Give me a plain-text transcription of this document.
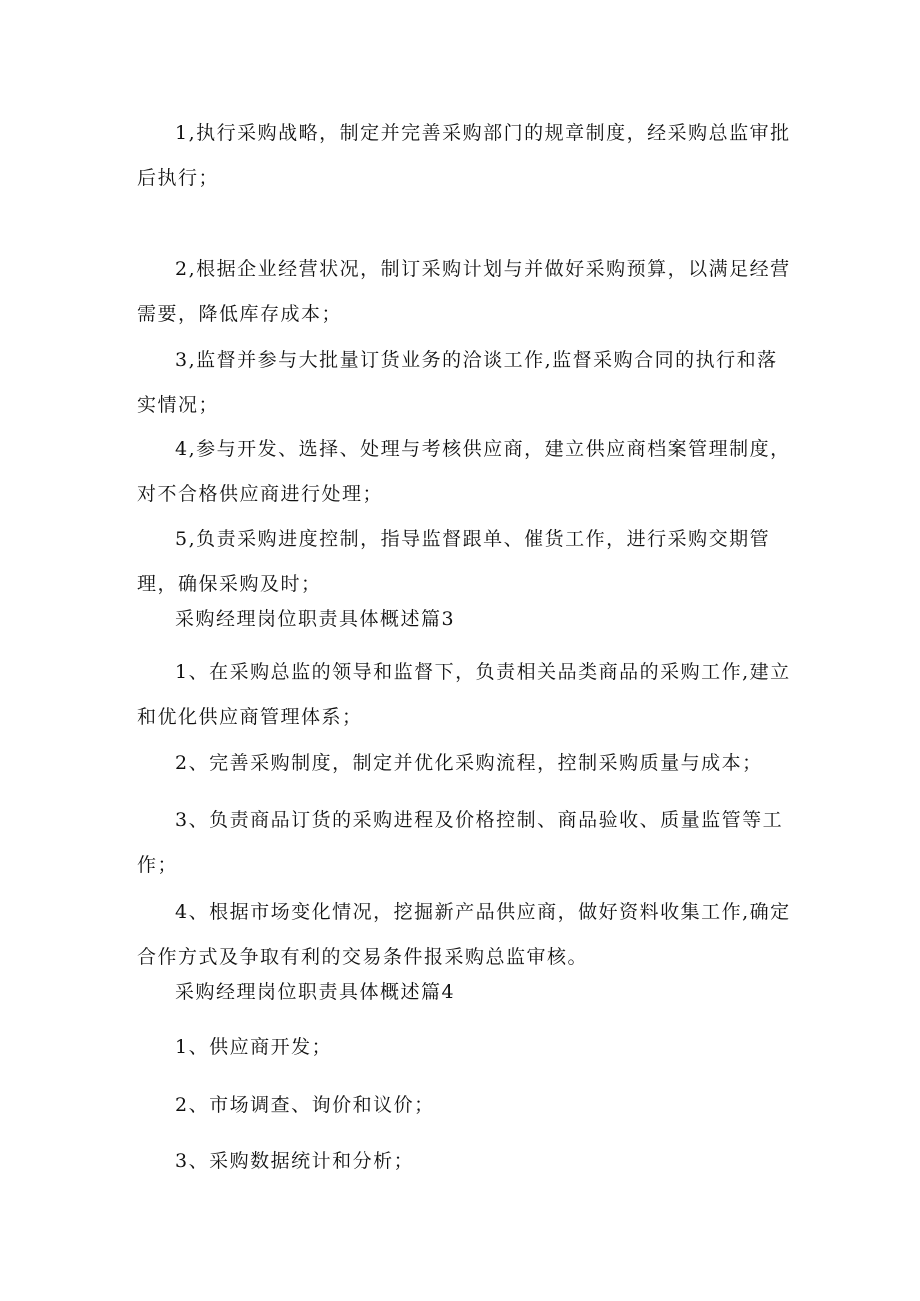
1,执行采购战略，制定并完善采购部门的规章制度，经采购总监审批后执行；

2,根据企业经营状况，制订采购计划与并做好采购预算，以满足经营需要，降低库存成本；

3,监督并参与大批量订货业务的洽谈工作,监督采购合同的执行和落实情况；

4,参与开发、选择、处理与考核供应商，建立供应商档案管理制度，对不合格供应商进行处理；

5,负责采购进度控制，指导监督跟单、催货工作，进行采购交期管理，确保采购及时；

采购经理岗位职责具体概述篇3

1、在采购总监的领导和监督下，负责相关品类商品的采购工作,建立和优化供应商管理体系；

2、完善采购制度，制定并优化采购流程，控制采购质量与成本；

3、负责商品订货的采购进程及价格控制、商品验收、质量监管等工作；

4、根据市场变化情况，挖掘新产品供应商，做好资料收集工作,确定合作方式及争取有利的交易条件报采购总监审核。

采购经理岗位职责具体概述篇4

1、供应商开发；

2、市场调查、询价和议价；

3、采购数据统计和分析；
